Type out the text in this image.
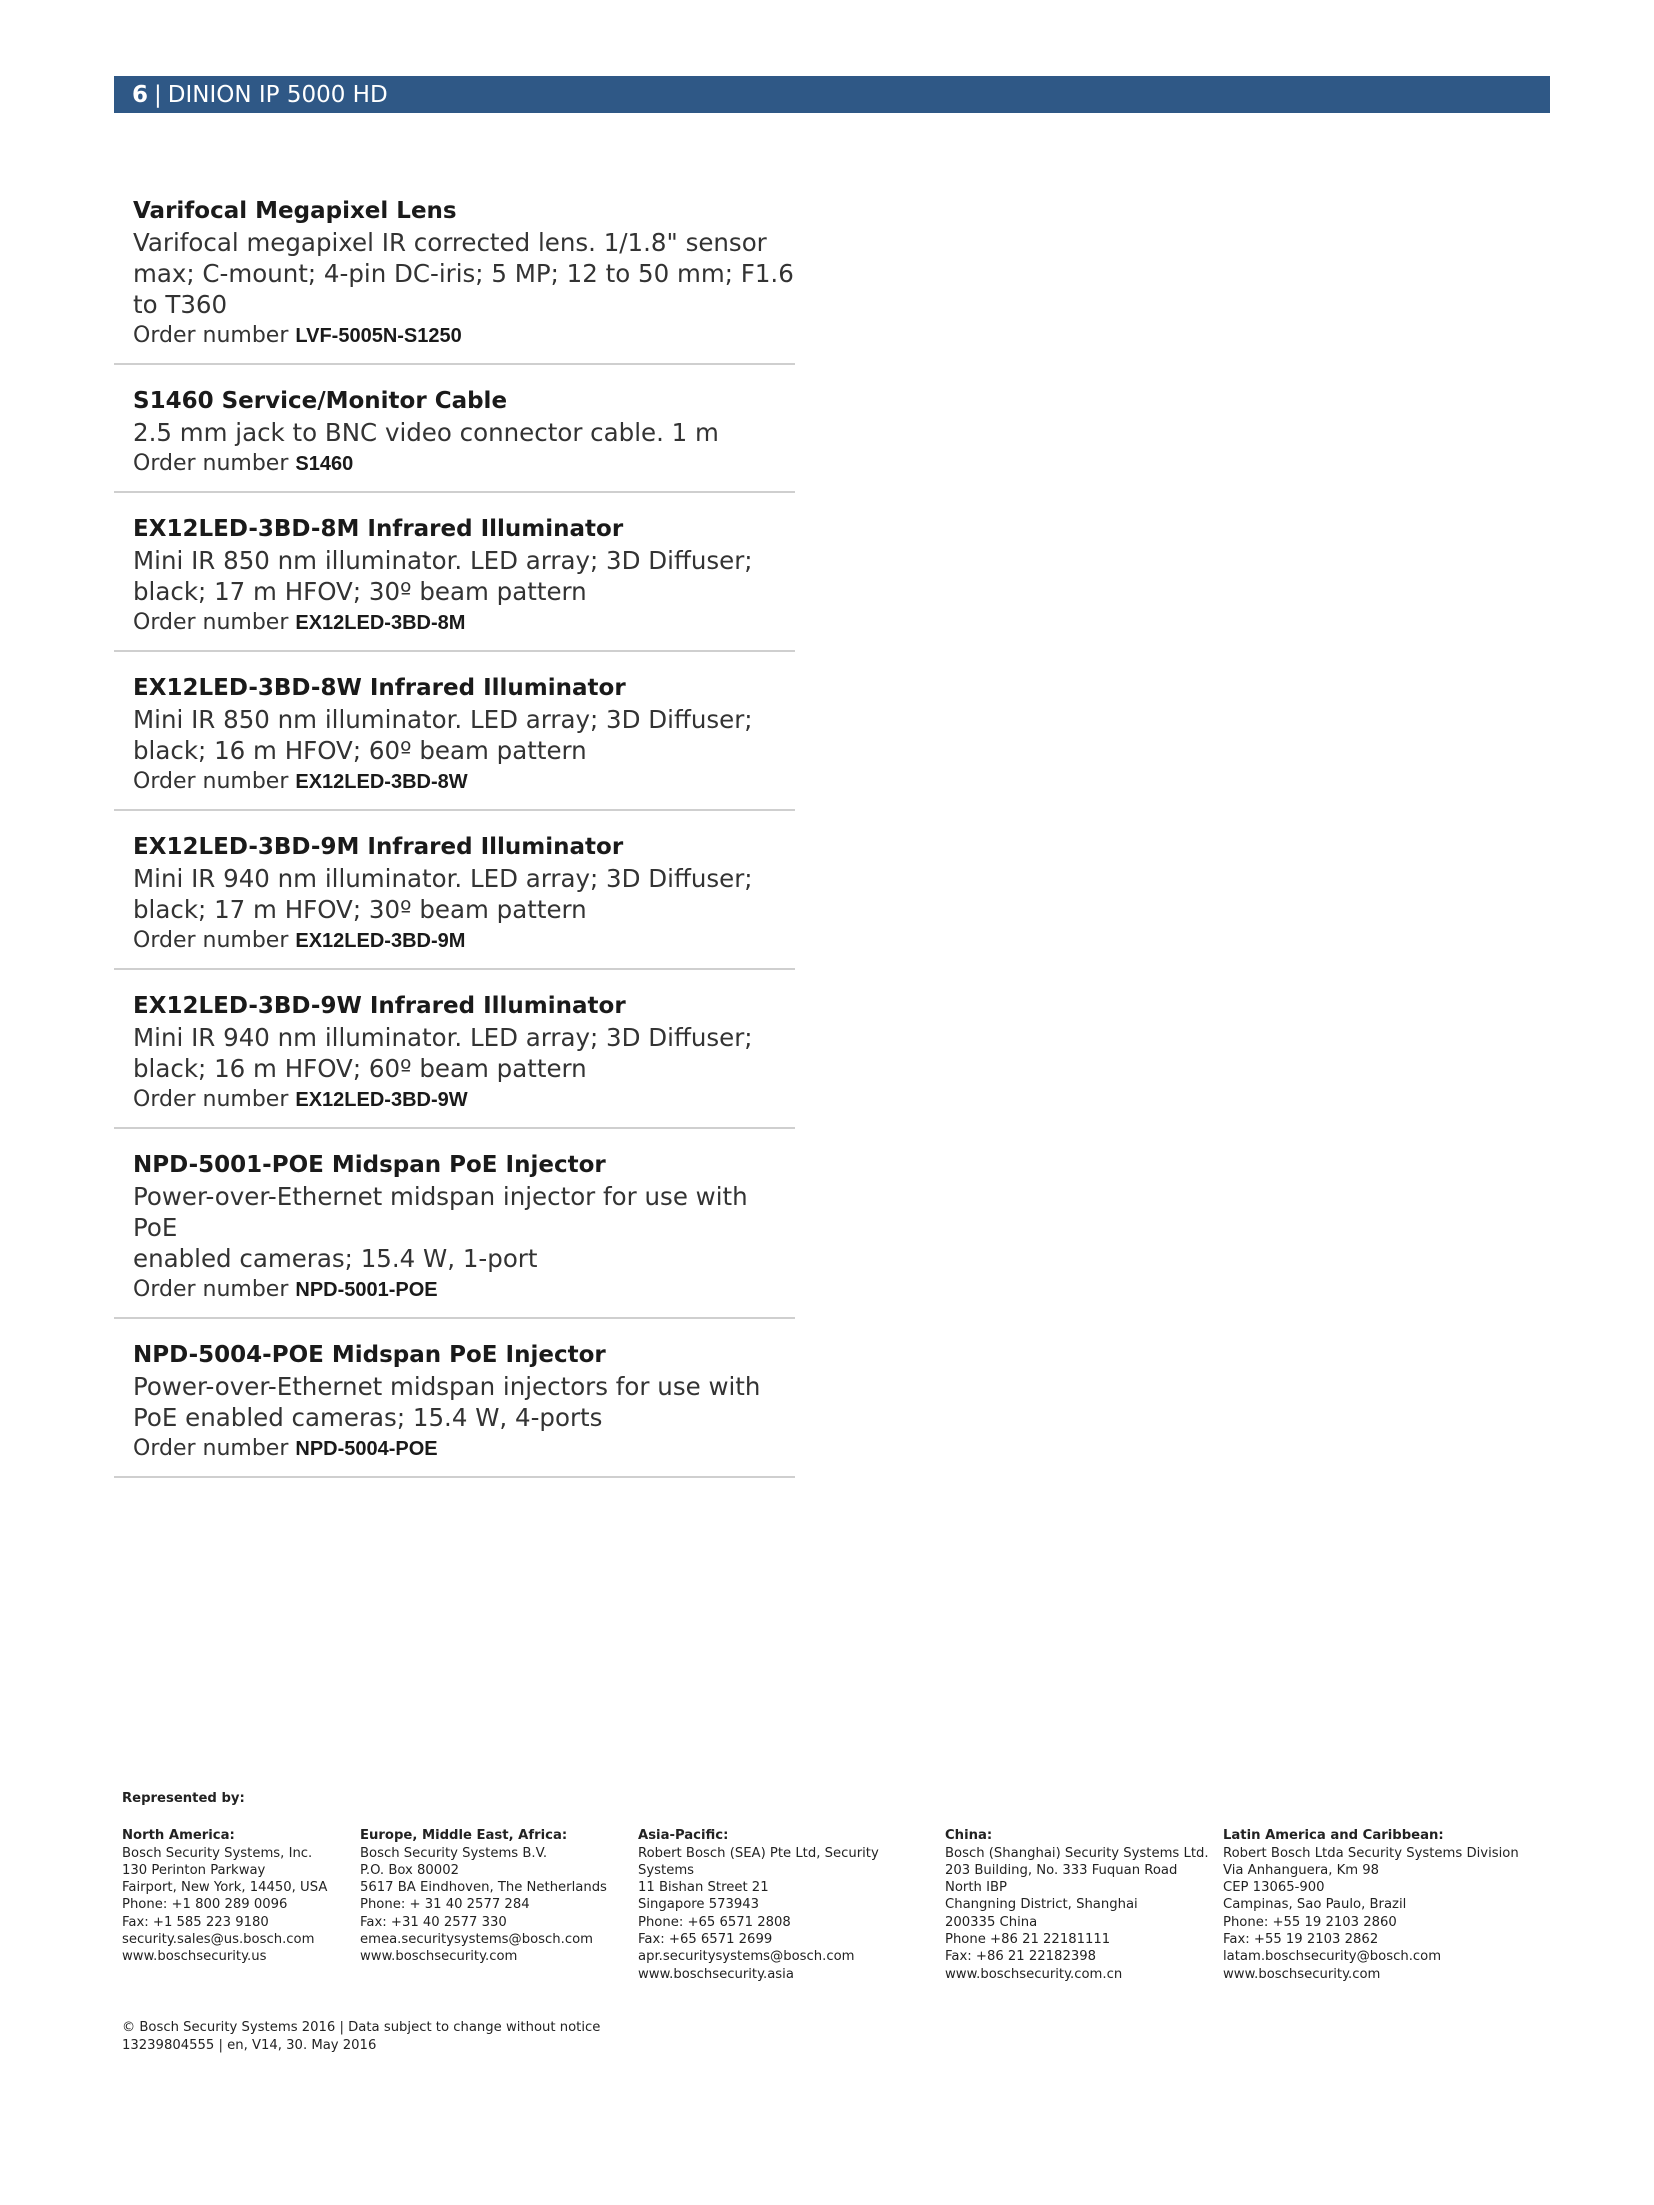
6 | DINION IP 5000 HD
Varifocal Megapixel Lens
Varifocal megapixel IR corrected lens. 1/1.8" sensor
max; C-mount; 4-pin DC-iris; 5 MP; 12 to 50 mm; F1.6
to T360
Order number LVF-5005N-S1250
S1460 Service/Monitor Cable
2.5 mm jack to BNC video connector cable. 1 m
Order number S1460
EX12LED-3BD-8M Infrared Illuminator
Mini IR 850 nm illuminator. LED array; 3D Diffuser;
black; 17 m HFOV; 30º beam pattern
Order number EX12LED-3BD-8M
EX12LED-3BD-8W Infrared Illuminator
Mini IR 850 nm illuminator. LED array; 3D Diffuser;
black; 16 m HFOV; 60º beam pattern
Order number EX12LED-3BD-8W
EX12LED-3BD-9M Infrared Illuminator
Mini IR 940 nm illuminator. LED array; 3D Diffuser;
black; 17 m HFOV; 30º beam pattern
Order number EX12LED-3BD-9M
EX12LED-3BD-9W Infrared Illuminator
Mini IR 940 nm illuminator. LED array; 3D Diffuser;
black; 16 m HFOV; 60º beam pattern
Order number EX12LED-3BD-9W
NPD-5001-POE Midspan PoE Injector
Power-over-Ethernet midspan injector for use with PoE
enabled cameras; 15.4 W, 1-port
Order number NPD-5001-POE
NPD-5004-POE Midspan PoE Injector
Power-over-Ethernet midspan injectors for use with
PoE enabled cameras; 15.4 W, 4-ports
Order number NPD-5004-POE
Represented by:
North America:
Bosch Security Systems, Inc.
130 Perinton Parkway
Fairport, New York, 14450, USA
Phone: +1 800 289 0096
Fax: +1 585 223 9180
security.sales@us.bosch.com
www.boschsecurity.us
Europe, Middle East, Africa:
Bosch Security Systems B.V.
P.O. Box 80002
5617 BA Eindhoven, The Netherlands
Phone: + 31 40 2577 284
Fax: +31 40 2577 330
emea.securitysystems@bosch.com
www.boschsecurity.com
Asia-Pacific:
Robert Bosch (SEA) Pte Ltd, Security
Systems
11 Bishan Street 21
Singapore 573943
Phone: +65 6571 2808
Fax: +65 6571 2699
apr.securitysystems@bosch.com
www.boschsecurity.asia
China:
Bosch (Shanghai) Security Systems Ltd.
203 Building, No. 333 Fuquan Road
North IBP
Changning District, Shanghai
200335 China
Phone +86 21 22181111
Fax: +86 21 22182398
www.boschsecurity.com.cn
Latin America and Caribbean:
Robert Bosch Ltda Security Systems Division
Via Anhanguera, Km 98
CEP 13065-900
Campinas, Sao Paulo, Brazil
Phone: +55 19 2103 2860
Fax: +55 19 2103 2862
latam.boschsecurity@bosch.com
www.boschsecurity.com
© Bosch Security Systems 2016 | Data subject to change without notice
13239804555 | en, V14, 30. May 2016
